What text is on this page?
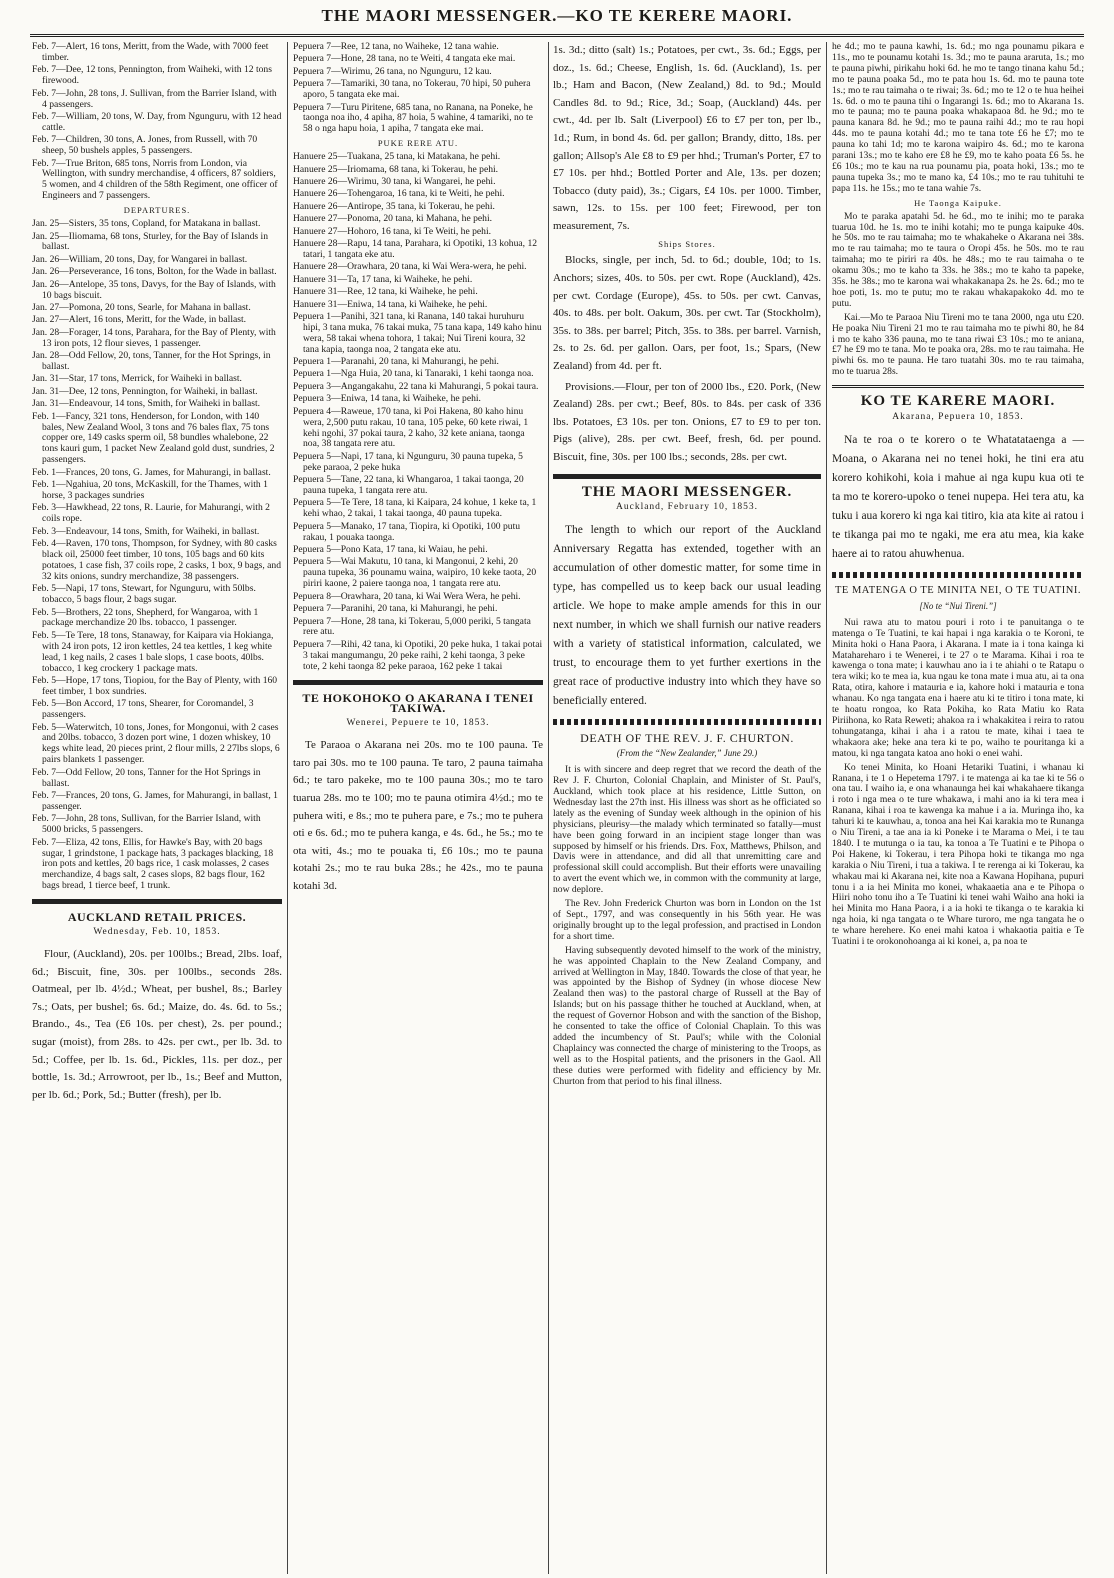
THE MAORI MESSENGER.—KO TE KERERE MAORI.

Feb. 7—Alert, 16 tons, Meritt, from the Wade, with 7000 feet timber.

Feb. 7—Dee, 12 tons, Pennington, from Waiheki, with 12 tons firewood.

Feb. 7—John, 28 tons, J. Sullivan, from the Barrier Island, with 4 passengers.

Feb. 7—William, 20 tons, W. Day, from Ngunguru, with 12 head cattle.

Feb. 7—Children, 30 tons, A. Jones, from Russell, with 70 sheep, 50 bushels apples, 5 passengers.

Feb. 7—True Briton, 685 tons, Norris from London, via Wellington, with sundry merchandise, 4 officers, 87 soldiers, 5 women, and 4 children of the 58th Regiment, one officer of Engineers and 7 passengers.

DEPARTURES.

Jan. 25—Sisters, 35 tons, Copland, for Matakana in ballast.

Jan. 25—Iliomama, 68 tons, Sturley, for the Bay of Islands in ballast.

Jan. 26—William, 20 tons, Day, for Wangarei in ballast.

Jan. 26—Perseverance, 16 tons, Bolton, for the Wade in ballast.

Jan. 26—Antelope, 35 tons, Davys, for the Bay of Islands, with 10 bags biscuit.

Jan. 27—Pomona, 20 tons, Searle, for Mahana in ballast.

Jan. 27—Alert, 16 tons, Meritt, for the Wade, in ballast.

Jan. 28—Forager, 14 tons, Parahara, for the Bay of Plenty, with 13 iron pots, 12 flour sieves, 1 passenger.

Jan. 28—Odd Fellow, 20, tons, Tanner, for the Hot Springs, in ballast.

Jan. 31—Star, 17 tons, Merrick, for Waiheki in ballast.

Jan. 31—Dee, 12 tons, Pennington, for Waiheki, in ballast.

Jan. 31—Endeavour, 14 tons, Smith, for Waiheki in ballast.

Feb. 1—Fancy, 321 tons, Henderson, for London, with 140 bales, New Zealand Wool, 3 tons and 76 bales flax, 75 tons copper ore, 149 casks sperm oil, 58 bundles whalebone, 22 tons kauri gum, 1 packet New Zealand gold dust, sundries, 2 passengers.

Feb. 1—Frances, 20 tons, G. James, for Mahurangi, in ballast.

Feb. 1—Ngahiua, 20 tons, McKaskill, for the Thames, with 1 horse, 3 packages sundries

Feb. 3—Hawkhead, 22 tons, R. Laurie, for Mahurangi, with 2 coils rope.

Feb. 3—Endeavour, 14 tons, Smith, for Waiheki, in ballast.

Feb. 4—Raven, 170 tons, Thompson, for Sydney, with 80 casks black oil, 25000 feet timber, 10 tons, 105 bags and 60 kits potatoes, 1 case fish, 37 coils rope, 2 casks, 1 box, 9 bags, and 32 kits onions, sundry merchandize, 38 passengers.

Feb. 5—Napi, 17 tons, Stewart, for Ngunguru, with 50lbs. tobacco, 5 bags flour, 2 bags sugar.

Feb. 5—Brothers, 22 tons, Shepherd, for Wangaroa, with 1 package merchandize 20 lbs. tobacco, 1 passenger.

Feb. 5—Te Tere, 18 tons, Stanaway, for Kaipara via Hokianga, with 24 iron pots, 12 iron kettles, 24 tea kettles, 1 keg white lead, 1 keg nails, 2 cases 1 bale slops, 1 case boots, 40lbs. tobacco, 1 keg crockery 1 package mats.

Feb. 5—Hope, 17 tons, Tiopiou, for the Bay of Plenty, with 160 feet timber, 1 box sundries.

Feb. 5—Bon Accord, 17 tons, Shearer, for Coromandel, 3 passengers.

Feb. 5—Waterwitch, 10 tons, Jones, for Mongonui, with 2 cases and 20lbs. tobacco, 3 dozen port wine, 1 dozen whiskey, 10 kegs white lead, 20 pieces print, 2 flour mills, 2 27lbs slops, 6 pairs blankets 1 passenger.

Feb. 7—Odd Fellow, 20 tons, Tanner for the Hot Springs in ballast.

Feb. 7—Frances, 20 tons, G. James, for Mahurangi, in ballast, 1 passenger.

Feb. 7—John, 28 tons, Sullivan, for the Barrier Island, with 5000 bricks, 5 passengers.

Feb. 7—Eliza, 42 tons, Ellis, for Hawke's Bay, with 20 bags sugar, 1 grindstone, 1 package hats, 3 packages blacking, 18 iron pots and kettles, 20 bags rice, 1 cask molasses, 2 cases merchandize, 4 bags salt, 2 cases slops, 82 bags flour, 162 bags bread, 1 tierce beef, 1 trunk.

AUCKLAND RETAIL PRICES.
Wednesday, Feb. 10, 1853.

Flour, (Auckland), 20s. per 100lbs.; Bread, 2lbs. loaf, 6d.; Biscuit, fine, 30s. per 100lbs., seconds 28s. Oatmeal, per lb. 4½d.; Wheat, per bushel, 8s.; Barley 7s.; Oats, per bushel; 6s. 6d.; Maize, do. 4s. 6d. to 5s.; Brando., 4s., Tea (£6 10s. per chest), 2s. per pound.; sugar (moist), from 28s. to 42s. per cwt., per lb. 3d. to 5d.; Coffee, per lb. 1s. 6d., Pickles, 11s. per doz., per bottle, 1s. 3d.; Arrowroot, per lb., 1s.; Beef and Mutton, per lb. 6d.; Pork, 5d.; Butter (fresh), per lb.

Pepuera 7—Ree, 12 tana, no Waiheke, 12 tana wahie.

Pepuera 7—Hone, 28 tana, no te Weiti, 4 tangata eke mai.

Pepuera 7—Wirimu, 26 tana, no Ngunguru, 12 kau.

Pepuera 7—Tamariki, 30 tana, no Tokerau, 70 hipi, 50 puhera aporo, 5 tangata eke mai.

Pepuera 7—Turu Piritene, 685 tana, no Ranana, na Poneke, he taonga noa iho, 4 apiha, 87 hoia, 5 wahine, 4 tamariki, no te 58 o nga hapu hoia, 1 apiha, 7 tangata eke mai.

PUKE RERE ATU.

Hanuere 25—Tuakana, 25 tana, ki Matakana, he pehi.

Hanuere 25—Iriomama, 68 tana, ki Tokerau, he pehi.

Hanuere 26—Wirimu, 30 tana, ki Wangarei, he pehi.

Hanuere 26—Tohengaroa, 16 tana, ki te Weiti, he pehi.

Hanuere 26—Antirope, 35 tana, ki Tokerau, he pehi.

Hanuere 27—Ponoma, 20 tana, ki Mahana, he pehi.

Hanuere 27—Hohoro, 16 tana, ki Te Weiti, he pehi.

Hanuere 28—Rapu, 14 tana, Parahara, ki Opotiki, 13 kohua, 12 tatari, 1 tangata eke atu.

Hanuere 28—Orawhara, 20 tana, ki Wai Wera-wera, he pehi.

Hanuere 31—Ta, 17 tana, ki Waiheke, he pehi.

Hanuere 31—Ree, 12 tana, ki Waiheke, he pehi.

Hanuere 31—Eniwa, 14 tana, ki Waiheke, he pehi.

Pepuera 1—Panihi, 321 tana, ki Ranana, 140 takai huruhuru hipi, 3 tana muka, 76 takai muka, 75 tana kapa, 149 kaho hinu wera, 58 takai whena tohora, 1 takai; Nui Tireni koura, 32 tana kapia, taonga noa, 2 tangata eke atu.

Pepuera 1—Paranahi, 20 tana, ki Mahurangi, he pehi.

Pepuera 1—Nga Huia, 20 tana, ki Tanaraki, 1 kehi taonga noa.

Pepuera 3—Angangakahu, 22 tana ki Mahurangi, 5 pokai taura.

Pepuera 3—Eniwa, 14 tana, ki Waiheke, he pehi.

Pepuera 4—Raweue, 170 tana, ki Poi Hakena, 80 kaho hinu wera, 2,500 putu rakau, 10 tana, 105 peke, 60 kete riwai, 1 kehi ngohi, 37 pokai taura, 2 kaho, 32 kete aniana, taonga noa, 38 tangata rere atu.

Pepuera 5—Napi, 17 tana, ki Ngunguru, 30 pauna tupeka, 5 peke paraoa, 2 peke huka

Pepuera 5—Tane, 22 tana, ki Whangaroa, 1 takai taonga, 20 pauna tupeka, 1 tangata rere atu.

Pepuera 5—Te Tere, 18 tana, ki Kaipara, 24 kohue, 1 keke ta, 1 kehi whao, 2 takai, 1 takai taonga, 40 pauna tupeka.

Pepuera 5—Manako, 17 tana, Tiopira, ki Opotiki, 100 putu rakau, 1 pouaka taonga.

Pepuera 5—Pono Kata, 17 tana, ki Waiau, he pehi.

Pepuera 5—Wai Makutu, 10 tana, ki Mangonui, 2 kehi, 20 pauna tupeka, 36 pounamu waina, waipiro, 10 keke taota, 20 piriri kaone, 2 paiere taonga noa, 1 tangata rere atu.

Pepuera 8—Orawhara, 20 tana, ki Wai Wera Wera, he pehi.

Pepuera 7—Paranihi, 20 tana, ki Mahurangi, he pehi.

Pepuera 7—Hone, 28 tana, ki Tokerau, 5,000 periki, 5 tangata rere atu.

Pepuera 7—Rihi, 42 tana, ki Opotiki, 20 peke huka, 1 takai potai 3 takai mangumangu, 20 peke raihi, 2 kehi taonga, 3 peke tote, 2 kehi taonga 82 peke paraoa, 162 peke 1 takai

TE HOKOHOKO O AKARANA I TENEI TAKIWA.
Wenerei, Pepuere te 10, 1853.

Te Paraoa o Akarana nei 20s. mo te 100 pauna. Te taro pai 30s. mo te 100 pauna. Te taro, 2 pauna taimaha 6d.; te taro pakeke, mo te 100 pauna 30s.; mo te taro tuarua 28s. mo te 100; mo te pauna otimira 4½d.; mo te puhera witi, e 8s.; mo te puhera pare, e 7s.; mo te puhera oti e 6s. 6d.; mo te puhera kanga, e 4s. 6d., he 5s.; mo te ota witi, 4s.; mo te pouaka ti, £6 10s.; mo te pauna kotahi 2s.; mo te rau buka 28s.; he 42s., mo te pauna kotahi 3d.

1s. 3d.; ditto (salt) 1s.; Potatoes, per cwt., 3s. 6d.; Eggs, per doz., 1s. 6d.; Cheese, English, 1s. 6d. (Auckland), 1s. per lb.; Ham and Bacon, (New Zealand,) 8d. to 9d.; Mould Candles 8d. to 9d.; Rice, 3d.; Soap, (Auckland) 44s. per cwt., 4d. per lb. Salt (Liverpool) £6 to £7 per ton, per lb., 1d.; Rum, in bond 4s. 6d. per gallon; Brandy, ditto, 18s. per gallon; Allsop's Ale £8 to £9 per hhd.; Truman's Porter, £7 to £7 10s. per hhd.; Bottled Porter and Ale, 13s. per dozen; Tobacco (duty paid), 3s.; Cigars, £4 10s. per 1000. Timber, sawn, 12s. to 15s. per 100 feet; Firewood, per ton measurement, 7s.

Ships Stores.

Blocks, single, per inch, 5d. to 6d.; double, 10d; to 1s. Anchors; sizes, 40s. to 50s. per cwt. Rope (Auckland), 42s. per cwt. Cordage (Europe), 45s. to 50s. per cwt. Canvas, 40s. to 48s. per bolt. Oakum, 30s. per cwt. Tar (Stockholm), 35s. to 38s. per barrel; Pitch, 35s. to 38s. per barrel. Varnish, 2s. to 2s. 6d. per gallon. Oars, per foot, 1s.; Spars, (New Zealand) from 4d. per ft.

Provisions.—Flour, per ton of 2000 lbs., £20. Pork, (New Zealand) 28s. per cwt.; Beef, 80s. to 84s. per cask of 336 lbs. Potatoes, £3 10s. per ton. Onions, £7 to £9 to per ton. Pigs (alive), 28s. per cwt. Beef, fresh, 6d. per pound. Biscuit, fine, 30s. per 100 lbs.; seconds, 28s. per cwt.

THE MAORI MESSENGER.
Auckland, February 10, 1853.

The length to which our report of the Auckland Anniversary Regatta has extended, together with an accumulation of other domestic matter, for some time in type, has compelled us to keep back our usual leading article. We hope to make ample amends for this in our next number, in which we shall furnish our native readers with a variety of statistical information, calculated, we trust, to encourage them to yet further exertions in the great race of productive industry into which they have so beneficially entered.

DEATH OF THE REV. J. F. CHURTON.
(From the “New Zealander,” June 29.)

It is with sincere and deep regret that we record the death of the Rev J. F. Churton, Colonial Chaplain, and Minister of St. Paul's, Auckland, which took place at his residence, Little Sutton, on Wednesday last the 27th inst. His illness was short as he officiated so lately as the evening of Sunday week although in the opinion of his physicians, pleurisy—the malady which terminated so fatally—must have been going forward in an incipient stage longer than was supposed by himself or his friends. Drs. Fox, Matthews, Philson, and Davis were in attendance, and did all that unremitting care and professional skill could accomplish. But their efforts were unavailing to avert the event which we, in common with the community at large, now deplore.

The Rev. John Frederick Churton was born in London on the 1st of Sept., 1797, and was consequently in his 56th year. He was originally brought up to the legal profession, and practised in London for a short time.

Having subsequently devoted himself to the work of the ministry, he was appointed Chaplain to the New Zealand Company, and arrived at Wellington in May, 1840. Towards the close of that year, he was appointed by the Bishop of Sydney (in whose diocese New Zealand then was) to the pastoral charge of Russell at the Bay of Islands; but on his passage thither he touched at Auckland, when, at the request of Governor Hobson and with the sanction of the Bishop, he consented to take the office of Colonial Chaplain. To this was added the incumbency of St. Paul's; while with the Colonial Chaplaincy was connected the charge of ministering to the Troops, as well as to the Hospital patients, and the prisoners in the Gaol. All these duties were performed with fidelity and efficiency by Mr. Churton from that period to his final illness.

he 4d.; mo te pauna kawhi, 1s. 6d.; mo nga pounamu pikara e 11s., mo te pounamu kotahi 1s. 3d.; mo te pauna araruta, 1s.; mo te pauna piwhi, pirikahu hoki 6d. he mo te tango tinana kahu 5d.; mo te pauna poaka 5d., mo te pata hou 1s. 6d. mo te pauna tote 1s.; mo te rau taimaha o te riwai; 3s. 6d.; mo te 12 o te hua heihei 1s. 6d. o mo te pauna tihi o Ingarangi 1s. 6d.; mo to Akarana 1s. mo te pauna; mo te pauna poaka whakapaoa 8d. he 9d.; mo te pauna kanara 8d. he 9d.; mo te pauna raihi 4d.; mo te rau hopi 44s. mo te pauna kotahi 4d.; mo te tana tote £6 he £7; mo te pauna ko tahi 1d; mo te karona waipiro 4s. 6d.; mo te karona parani 13s.; mo te kaho ere £8 he £9, mo te kaho poata £6 5s. he £6 10s.; mo te kau na rua pounamu pia, poata hoki, 13s.; mo te pauna tupeka 3s.; mo te mano ka, £4 10s.; mo te rau tuhituhi te papa 11s. he 15s.; mo te tana wahie 7s.

He Taonga Kaipuke.

Mo te paraka apatahi 5d. he 6d., mo te inihi; mo te paraka tuarua 10d. he 1s. mo te inihi kotahi; mo te punga kaipuke 40s. he 50s. mo te rau taimaha; mo te whakaheke o Akarana nei 38s. mo te rau taimaha; mo te taura o Oropi 45s. he 50s. mo te rau taimaha; mo te piriri ra 40s. he 48s.; mo te rau taimaha o te okamu 30s.; mo te kaho ta 33s. he 38s.; mo te kaho ta papeke, 35s. he 38s.; mo te karona wai whakakanapa 2s. he 2s. 6d.; mo te hoe poti, 1s. mo te putu; mo te rakau whakapakoko 4d. mo te putu.

Kai.—Mo te Paraoa Niu Tireni mo te tana 2000, nga utu £20. He poaka Niu Tireni 21 mo te rau taimaha mo te piwhi 80, he 84 i mo te kaho 336 pauna, mo te tana riwai £3 10s.; mo te aniana, £7 he £9 mo te tana. Mo te poaka ora, 28s. mo te rau taimaha. He piwhi 6s. mo te pauna. He taro tuatahi 30s. mo te rau taimaha, mo te tuarua 28s.

KO TE KARERE MAORI.
Akarana, Pepuera 10, 1853.

Na te roa o te korero o te Whatatataenga a — Moana, o Akarana nei no tenei hoki, he tini era atu korero kohikohi, koia i mahue ai nga kupu kua oti te ta mo te korero-upoko o tenei nupepa. Hei tera atu, ka tuku i aua korero ki nga kai titiro, kia ata kite ai ratou i te tikanga pai mo te ngaki, me era atu mea, kia kake haere ai to ratou ahuwhenua.

TE MATENGA O TE MINITA NEI, O TE TUATINI.
[No te “Nui Tireni.”]

Nui rawa atu to matou pouri i roto i te panuitanga o te matenga o Te Tuatini, te kai hapai i nga karakia o te Koroni, te Minita hoki o Hana Paora, i Akarana. I mate ia i tona kainga ki Matahareharo i te Wenerei, i te 27 o te Marama. Kihai i roa te kawenga o tona mate; i kauwhau ano ia i te ahiahi o te Ratapu o tera wiki; ko te mea ia, kua ngau ke tona mate i mua atu, ai ta ona Rata, otira, kahore i matauria e ia, kahore hoki i matauria e tona whanau. Ko nga tangata ena i haere atu ki te titiro i tona mate, ki te hoatu rongoa, ko Rata Pokiha, ko Rata Matiu ko Rata Piriihona, ko Rata Reweti; ahakoa ra i whakakitea i reira to ratou tohungatanga, kihai i aha i a ratou te mate, kihai i taea te whakaora ake; heke ana tera ki te po, waiho te pouritanga ki a matou, ki nga tangata katoa ano hoki o enei wahi.

Ko tenei Minita, ko Hoani Hetariki Tuatini, i whanau ki Ranana, i te 1 o Hepetema 1797. i te matenga ai ka tae ki te 56 o ona tau. I waiho ia, e ona whanaunga hei kai whakahaere tikanga i roto i nga mea o te ture whakawa, i mahi ano ia ki tera mea i Ranana, kihai i roa te kawenga ka mahue i a ia. Muringa iho, ka tahuri ki te kauwhau, a, tonoa ana hei Kai karakia mo te Runanga o Niu Tireni, a tae ana ia ki Poneke i te Marama o Mei, i te tau 1840. I te mutunga o ia tau, ka tonoa a Te Tuatini e te Pihopa o Poi Hakene, ki Tokerau, i tera Pihopa hoki te tikanga mo nga karakia o Niu Tireni, i tua a takiwa. I te rerenga ai ki Tokerau, ka whakau mai ki Akarana nei, kite noa a Kawana Hopihana, pupuri tonu i a ia hei Minita mo konei, whakaaetia ana e te Pihopa o Hiiri noho tonu iho a Te Tuatini ki tenei wahi Waiho ana hoki ia hei Minita mo Hana Paora, i a ia hoki te tikanga o te karakia ki nga hoia, ki nga tangata o te Whare turoro, me nga tangata he o te whare herehere. Ko enei mahi katoa i whakaotia paitia e Te Tuatini i te orokonohoanga ai ki konei, a, pa noa te
